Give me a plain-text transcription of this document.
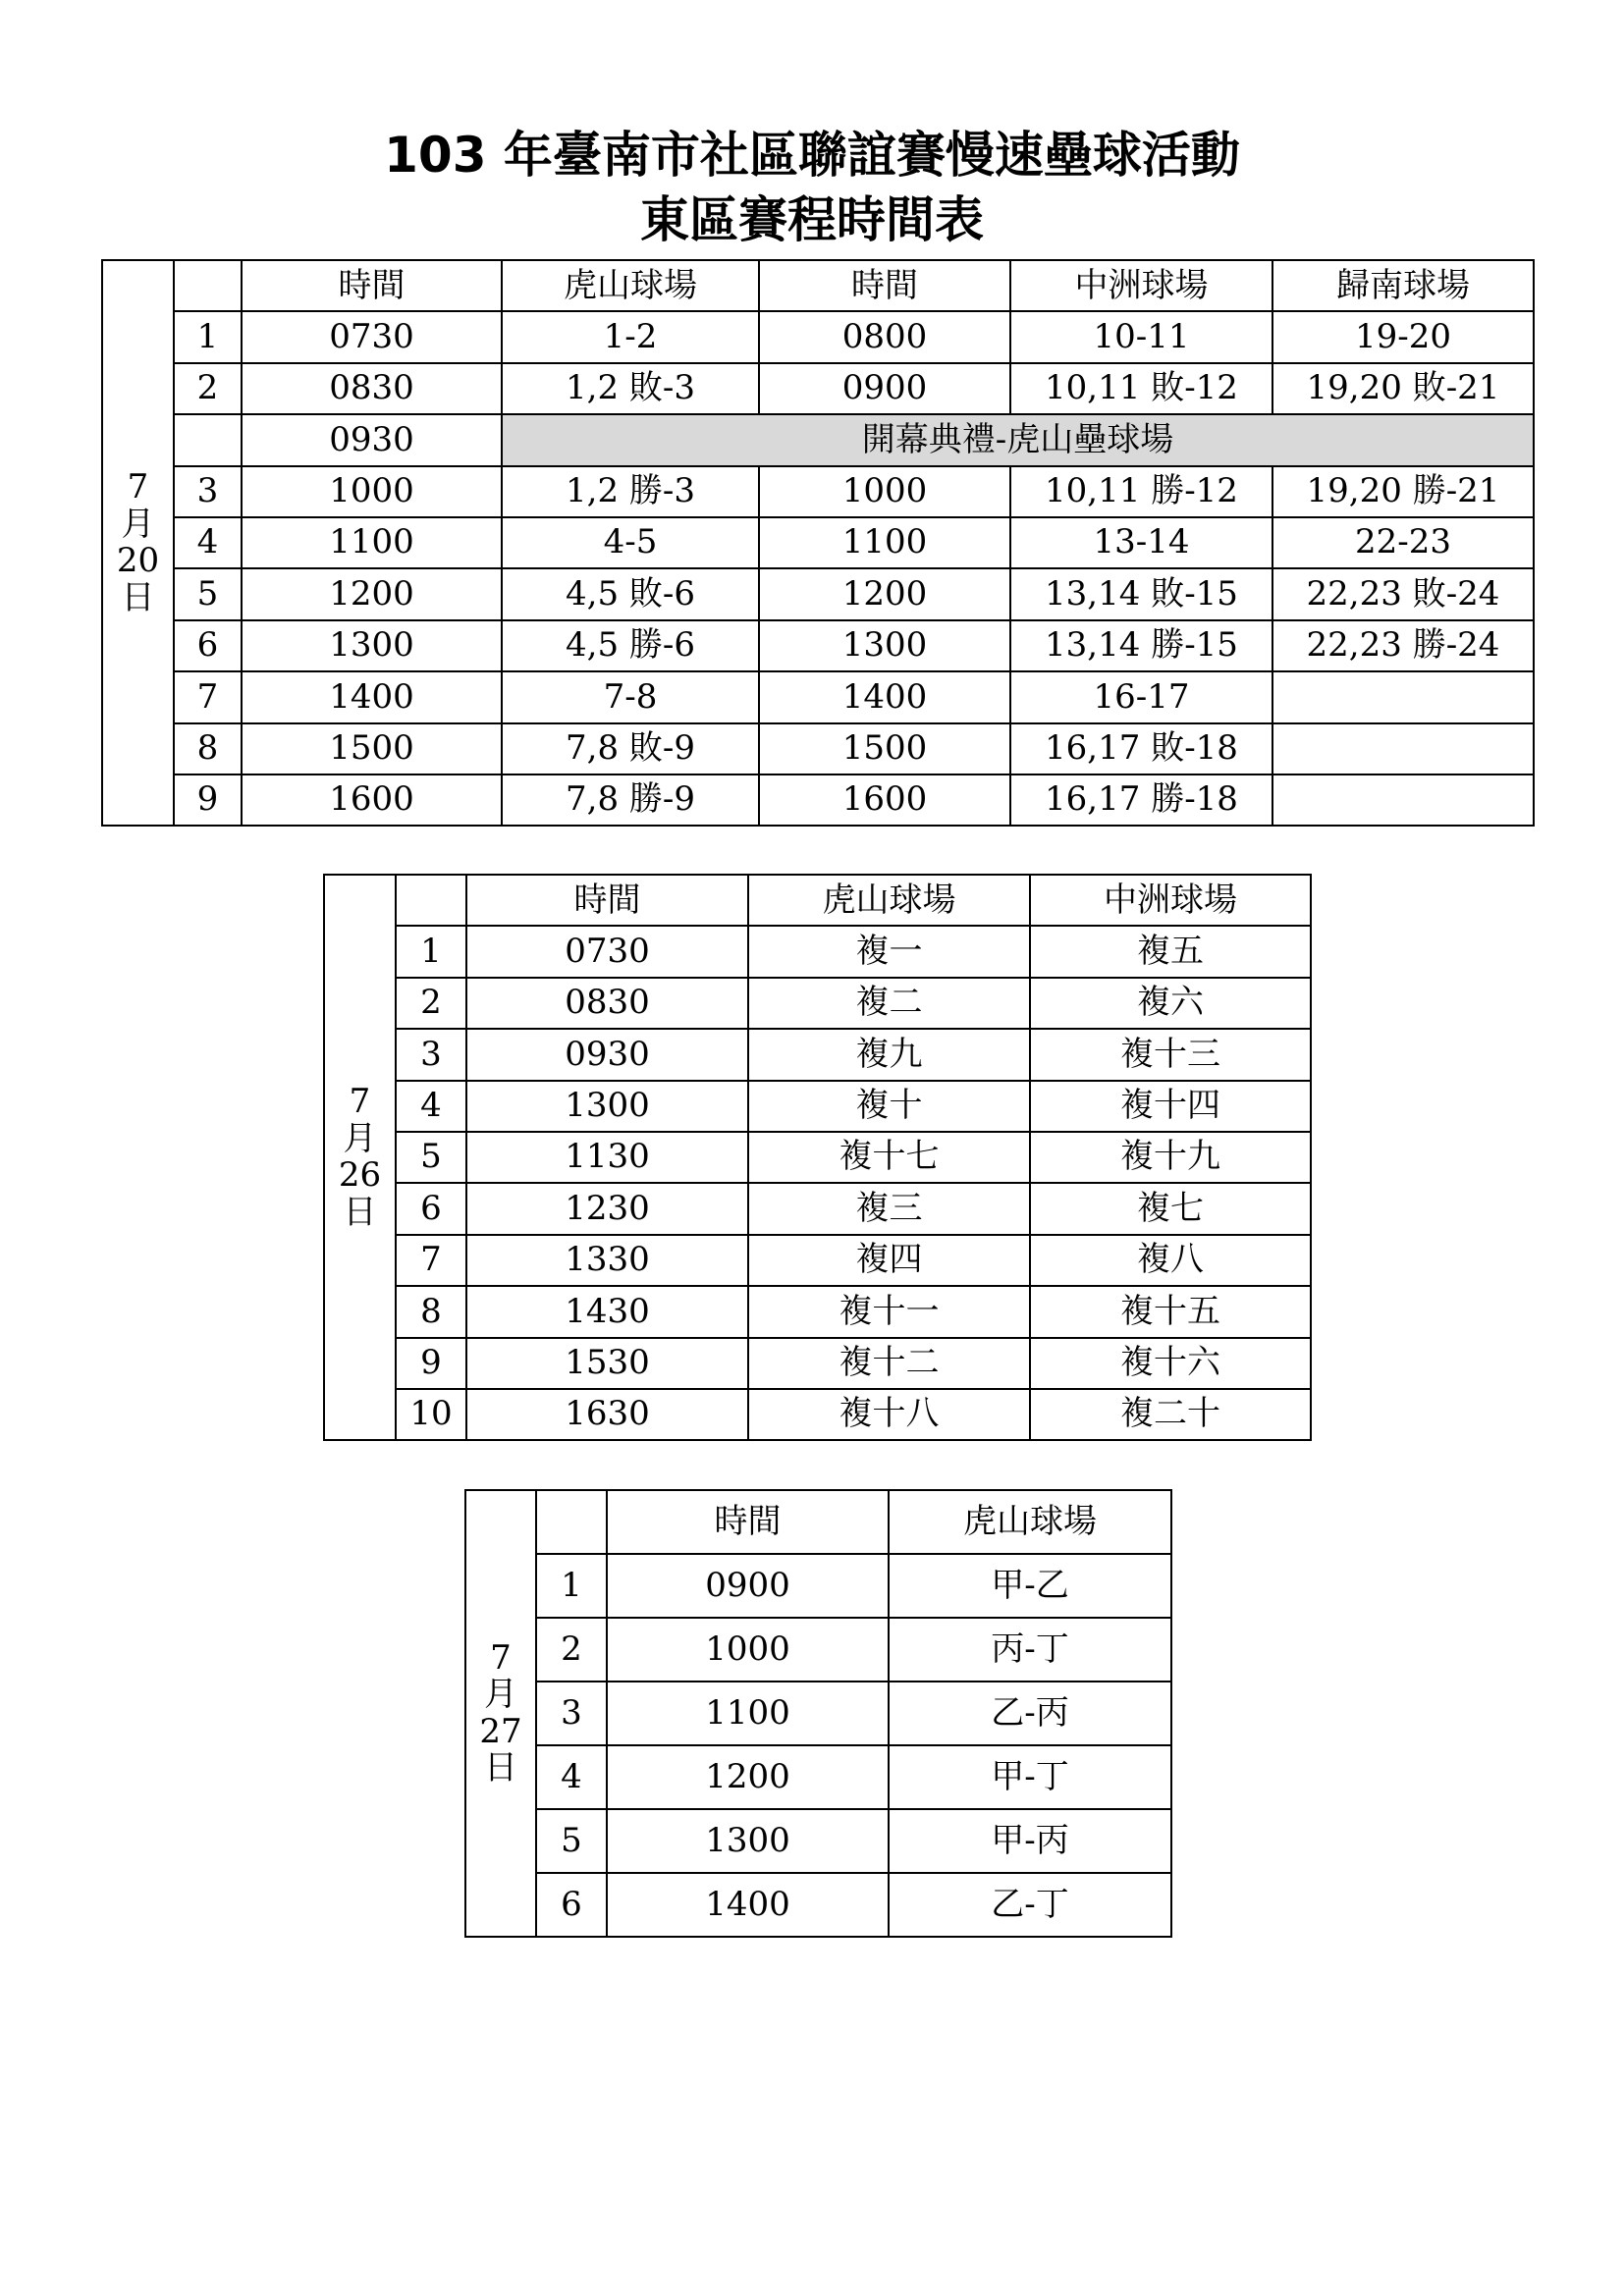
103 年臺南市社區聯誼賽慢速壘球活動
東區賽程時間表
7
月
20
日		時間	虎山球場	時間	中洲球場	歸南球場
	1	0730	1-2	0800	10-11	19-20
	2	0830	1,2 敗-3	0900	10,11 敗-12	19,20 敗-21
		0930	開幕典禮-虎山壘球場			
	3	1000	1,2 勝-3	1000	10,11 勝-12	19,20 勝-21
	4	1100	4-5	1100	13-14	22-23
	5	1200	4,5 敗-6	1200	13,14 敗-15	22,23 敗-24
	6	1300	4,5 勝-6	1300	13,14 勝-15	22,23 勝-24
	7	1400	7-8	1400	16-17	
	8	1500	7,8 敗-9	1500	16,17 敗-18	
	9	1600	7,8 勝-9	1600	16,17 勝-18	
7
月
26
日		時間	虎山球場	中洲球場
	1	0730	複一	複五
	2	0830	複二	複六
	3	0930	複九	複十三
	4	1300	複十	複十四
	5	1130	複十七	複十九
	6	1230	複三	複七
	7	1330	複四	複八
	8	1430	複十一	複十五
	9	1530	複十二	複十六
	10	1630	複十八	複二十
7
月
27
日		時間	虎山球場
	1	0900	甲-乙
	2	1000	丙-丁
	3	1100	乙-丙
	4	1200	甲-丁
	5	1300	甲-丙
	6	1400	乙-丁
